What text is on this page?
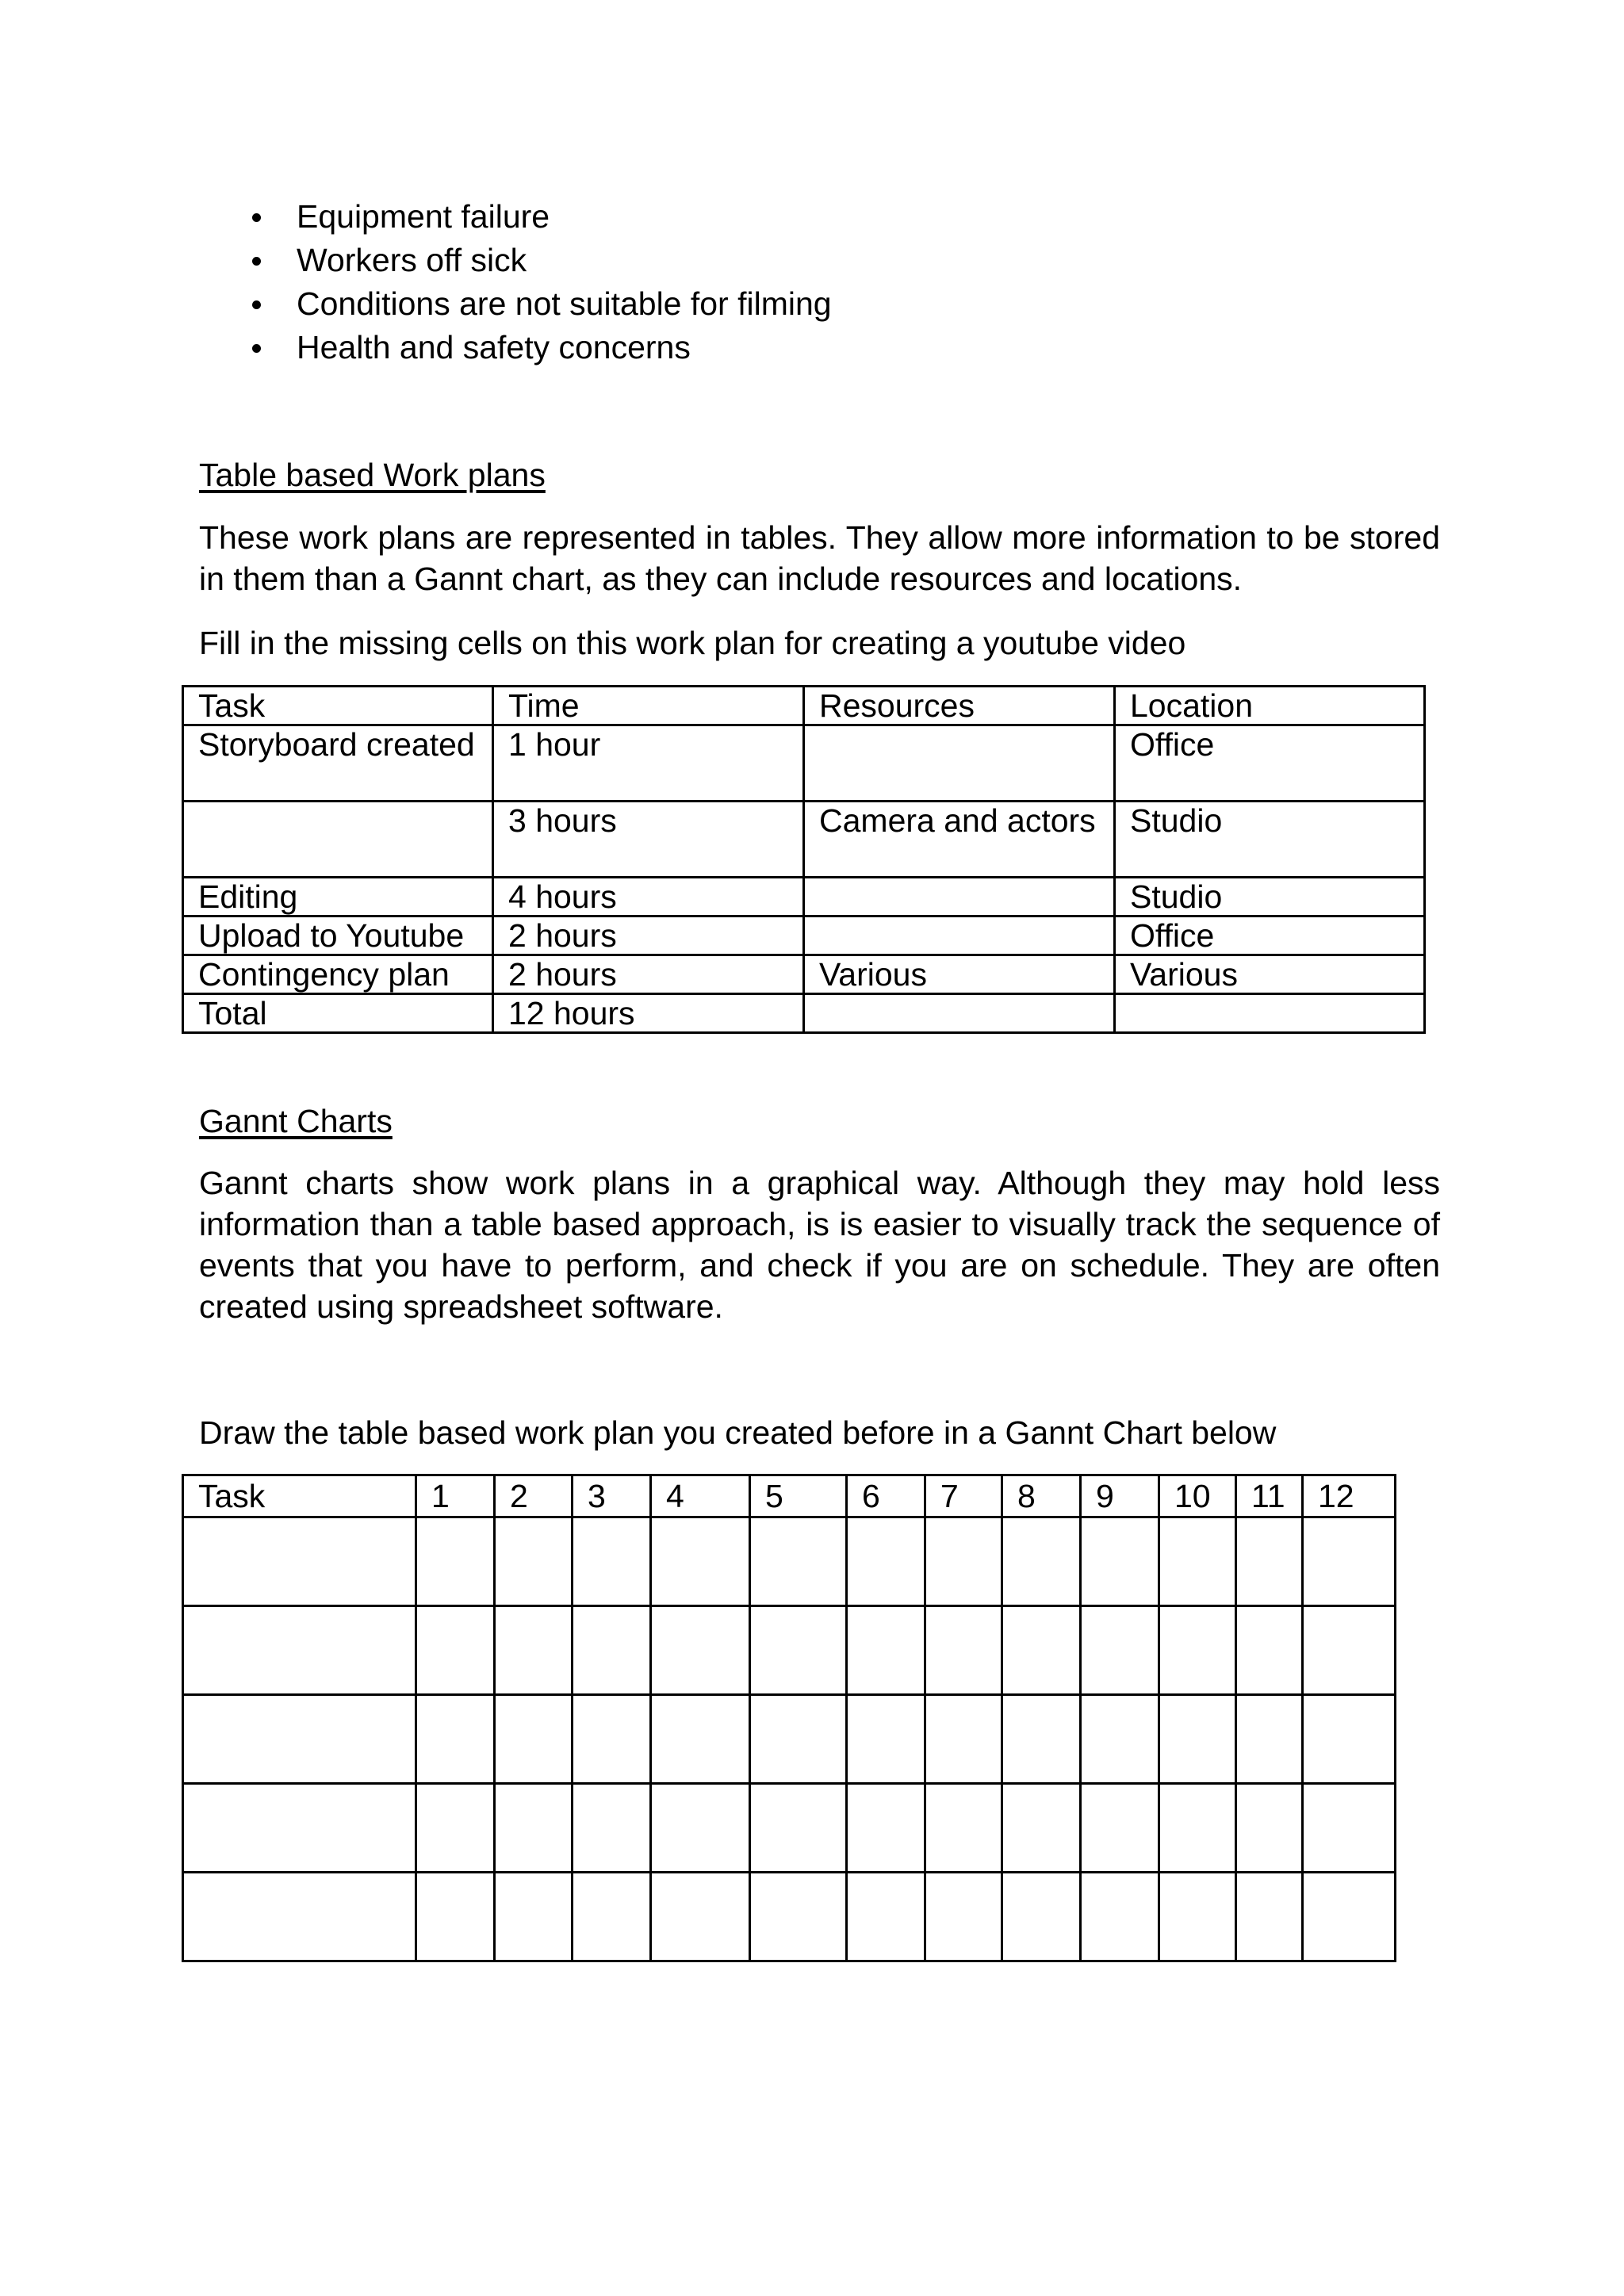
Equipment failure
Workers off sick
Conditions are not suitable for filming
Health and safety concerns
Table based Work plans

These work plans are represented in tables. They allow more information to be stored in them than a Gannt chart, as they can include resources and locations.

Fill in the missing cells on this work plan for creating a youtube video
Task	Time	Resources	Location
Storyboard created	1 hour		Office
	3 hours	Camera and actors	Studio
Editing	4 hours		Studio
Upload to Youtube	2 hours		Office
Contingency plan	2 hours	Various	Various
Total	12 hours		
Gannt Charts

Gannt charts show work plans in a graphical way. Although they may hold less information than a table based approach, is is easier to visually track the sequence of events that you have to perform, and check if you are on schedule. They are often created using spreadsheet software.

Draw the table based work plan you created before in a Gannt Chart below
Task	1	2	3	4	5	6	7	8	9	10	11	12
